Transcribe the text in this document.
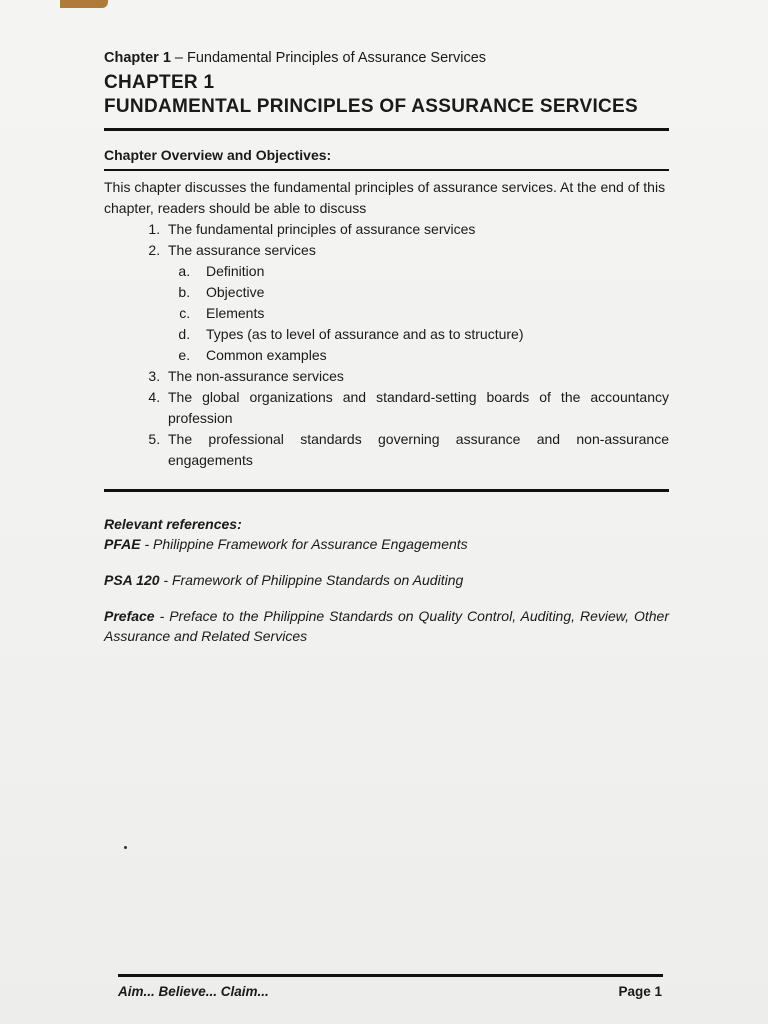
Chapter 1 – Fundamental Principles of Assurance Services

CHAPTER 1
FUNDAMENTAL PRINCIPLES OF ASSURANCE SERVICES

Chapter Overview and Objectives:

This chapter discusses the fundamental principles of assurance services. At the end of this chapter, readers should be able to discuss

1. The fundamental principles of assurance services
2. The assurance services
a. Definition
b. Objective
c. Elements
d. Types (as to level of assurance and as to structure)
e. Common examples
3. The non-assurance services
4. The global organizations and standard-setting boards of the accountancy profession
5. The professional standards governing assurance and non-assurance engagements

Relevant references:

PFAE - Philippine Framework for Assurance Engagements

PSA 120 - Framework of Philippine Standards on Auditing

Preface - Preface to the Philippine Standards on Quality Control, Auditing, Review, Other Assurance and Related Services

Aim... Believe... Claim...	Page 1
